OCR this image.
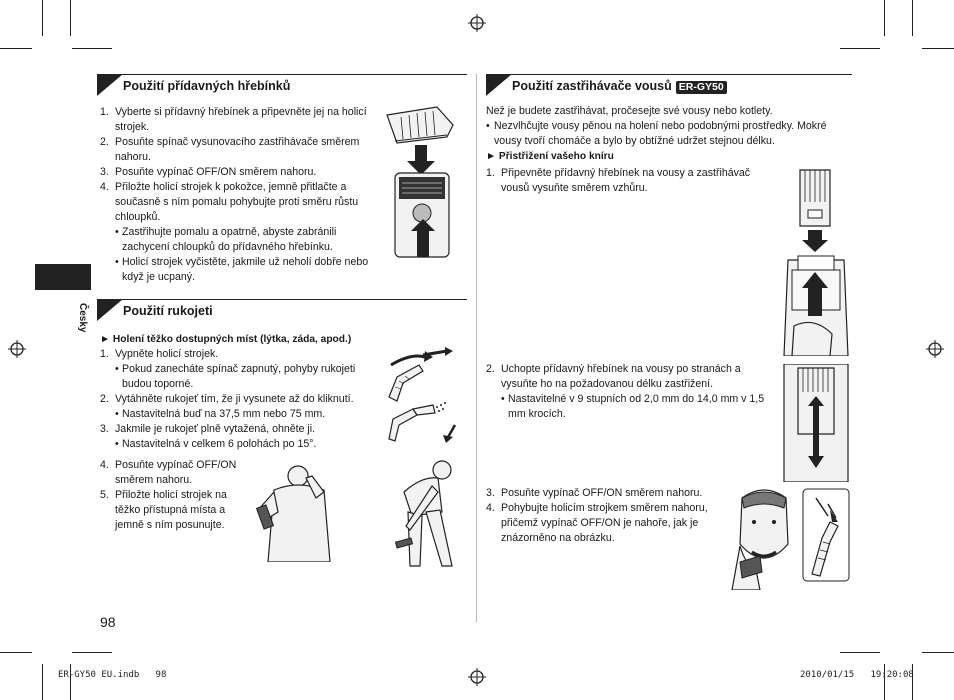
Česky
Použití přídavných hřebínků
1. Vyberte si přídavný hřebínek a připevněte jej na holicí strojek.
2. Posuňte spínač vysunovacího zastřihávače směrem nahoru.
3. Posuňte vypínač OFF/ON směrem nahoru.
4. Přiložte holicí strojek k pokožce, jemně přitlačte a současně s ním pomalu pohybujte proti směru růstu chloupků.
• Zastřihujte pomalu a opatrně, abyste zabránili zachycení chloupků do přídavného hřebínku.
• Holicí strojek vyčistěte, jakmile už neholí dobře nebo když je ucpaný.
Použití rukojeti
► Holení těžko dostupných míst (lýtka, záda, apod.)
1. Vypněte holicí strojek.
• Pokud zanecháte spínač zapnutý, pohyby rukojeti budou toporné.
2. Vytáhněte rukojeť tím, že ji vysunete až do kliknutí.
• Nastavitelná buď na 37,5 mm nebo 75 mm.
3. Jakmile je rukojeť plně vytažená, ohněte ji.
• Nastavitelná v celkem 6 polohách po 15°.
4. Posuňte vypínač OFF/ON směrem nahoru.
5. Přiložte holicí strojek na těžko přístupná místa a jemně s ním posunujte.
98
Použití zastřihávače vousů ER-GY50
Než je budete zastřihávat, pročesejte své vousy nebo kotlety.
• Nezvlhčujte vousy pěnou na holení nebo podobnými prostředky. Mokré vousy tvoří chomáče a bylo by obtížné udržet stejnou délku.
► Přistřižení vašeho kníru
1. Připevněte přídavný hřebínek na vousy a zastřihávač vousů vysuňte směrem vzhůru.
2. Uchopte přídavný hřebínek na vousy po stranách a vysuňte ho na požadovanou délku zastřižení.
• Nastavitelné v 9 stupních od 2,0 mm do 14,0 mm v 1,5 mm krocích.
3. Posuňte vypínač OFF/ON směrem nahoru.
4. Pohybujte holicím strojkem směrem nahoru, přičemž vypínač OFF/ON je nahoře, jak je znázorněno na obrázku.
ER-GY50 EU.indb   98	2010/01/15   19:20:08
